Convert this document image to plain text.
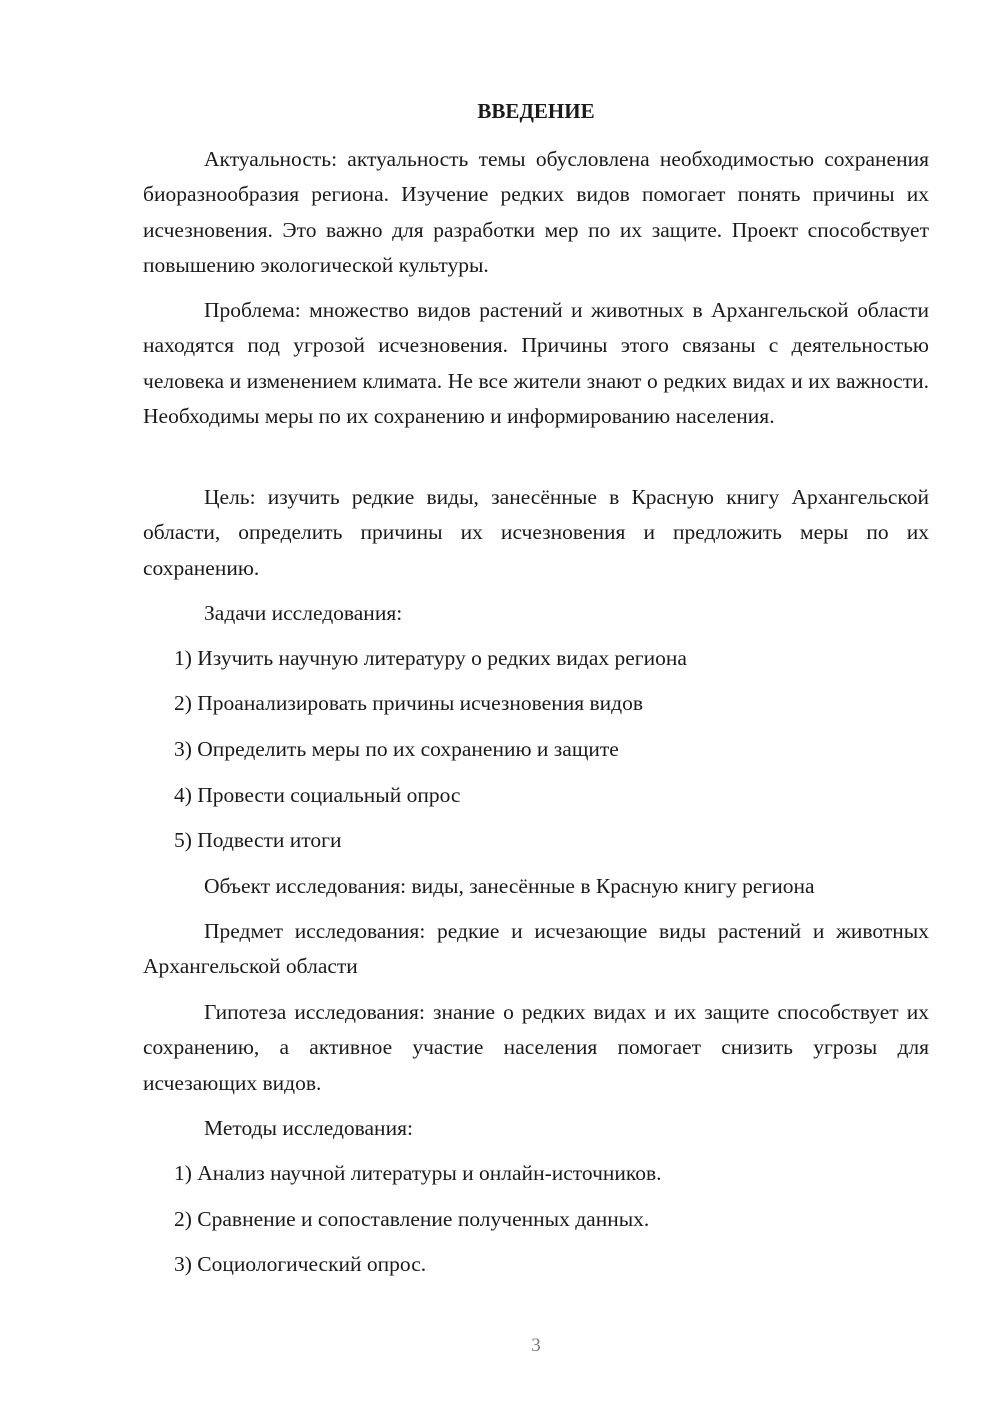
ВВЕДЕНИЕ

Актуальность: актуальность темы обусловлена необходимостью сохранения биоразнообразия региона. Изучение редких видов помогает понять причины их исчезновения. Это важно для разработки мер по их защите. Проект способствует повышению экологической культуры.

Проблема: множество видов растений и животных в Архангельской области находятся под угрозой исчезновения. Причины этого связаны с деятельностью человека и изменением климата. Не все жители знают о редких видах и их важности. Необходимы меры по их сохранению и информированию населения.

Цель: изучить редкие виды, занесённые в Красную книгу Архангельской области, определить причины их исчезновения и предложить меры по их сохранению.

Задачи исследования:

1) Изучить научную литературу о редких видах региона

2) Проанализировать причины исчезновения видов

3) Определить меры по их сохранению и защите

4) Провести социальный опрос

5) Подвести итоги

Объект исследования: виды, занесённые в Красную книгу региона

Предмет исследования: редкие и исчезающие виды растений и животных Архангельской области

Гипотеза исследования: знание о редких видах и их защите способствует их сохранению, а активное участие населения помогает снизить угрозы для исчезающих видов.

Методы исследования:

1) Анализ научной литературы и онлайн-источников.

2) Сравнение и сопоставление полученных данных.

3) Социологический опрос.

3
